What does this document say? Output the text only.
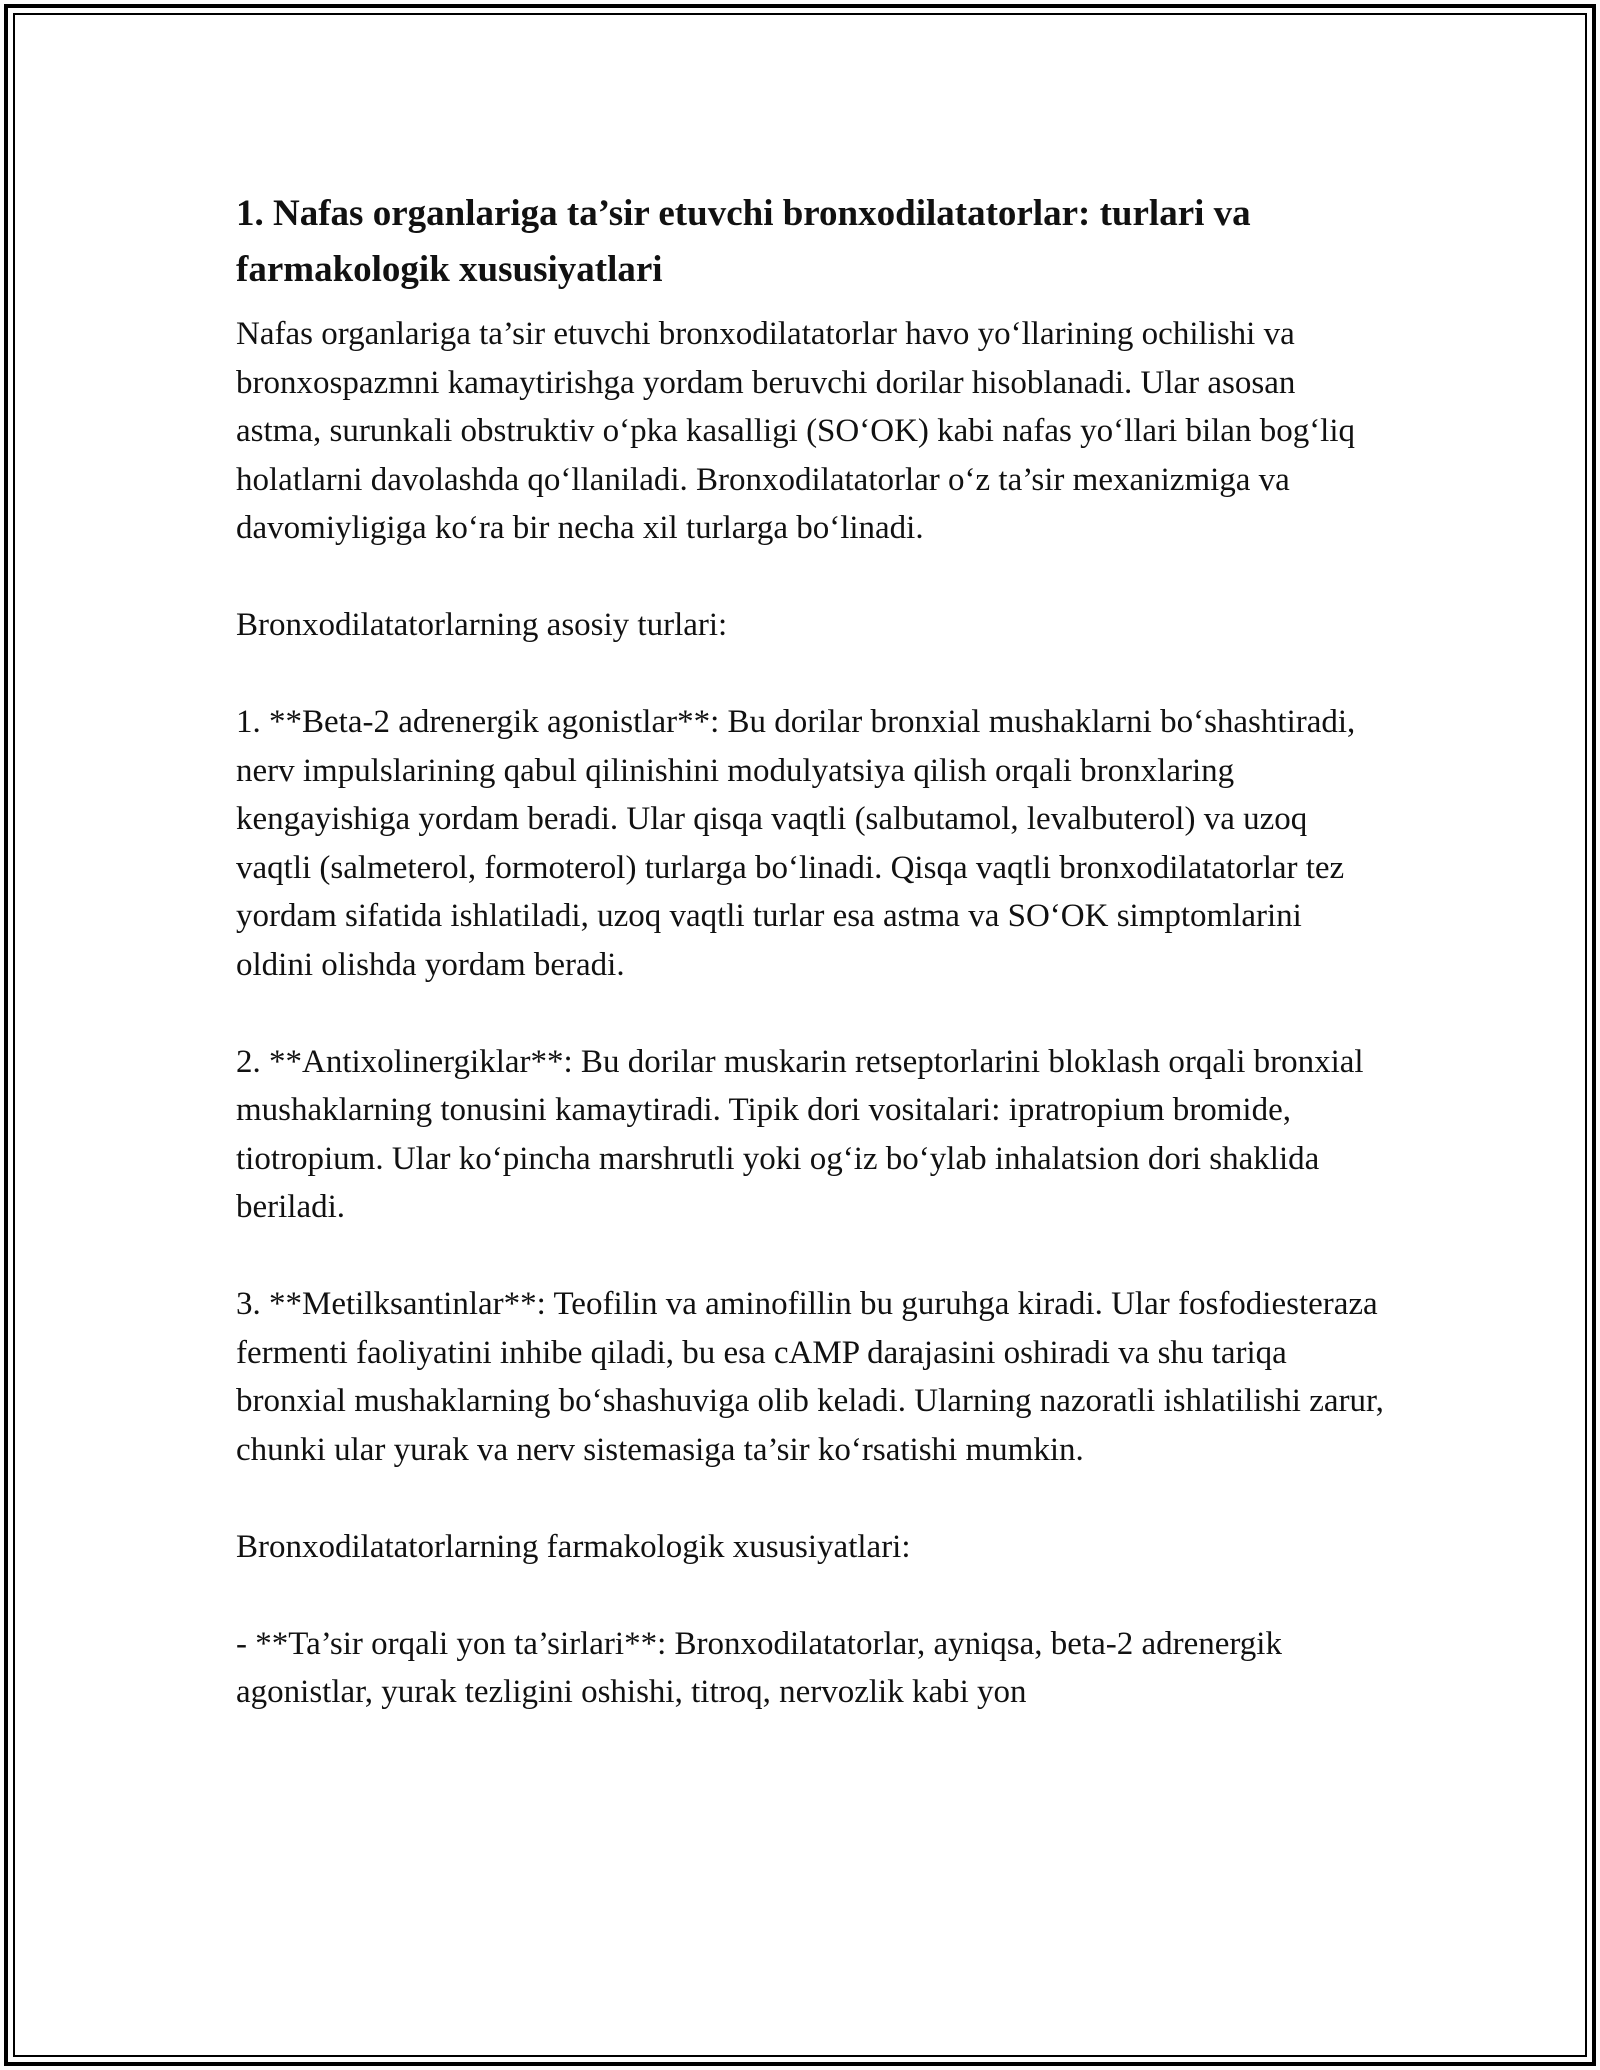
1. Nafas organlariga ta’sir etuvchi bronxodilatatorlar: turlari va farmakologik xususiyatlari

Nafas organlariga ta’sir etuvchi bronxodilatatorlar havo yo‘llarining ochilishi va bronxospazmni kamaytirishga yordam beruvchi dorilar hisoblanadi. Ular asosan astma, surunkali obstruktiv o‘pka kasalligi (SO‘OK) kabi nafas yo‘llari bilan bog‘liq holatlarni davolashda qo‘llaniladi. Bronxodilatatorlar o‘z ta’sir mexanizmiga va davomiyligiga ko‘ra bir necha xil turlarga bo‘linadi.

Bronxodilatatorlarning asosiy turlari:

1. **Beta-2 adrenergik agonistlar**: Bu dorilar bronxial mushaklarni bo‘shashtiradi, nerv impulslarining qabul qilinishini modulyatsiya qilish orqali bronxlaring kengayishiga yordam beradi. Ular qisqa vaqtli (salbutamol, levalbuterol) va uzoq vaqtli (salmeterol, formoterol) turlarga bo‘linadi. Qisqa vaqtli bronxodilatatorlar tez yordam sifatida ishlatiladi, uzoq vaqtli turlar esa astma va SO‘OK simptomlarini oldini olishda yordam beradi.

2. **Antixolinergiklar**: Bu dorilar muskarin retseptorlarini bloklash orqali bronxial mushaklarning tonusini kamaytiradi. Tipik dori vositalari: ipratropium bromide, tiotropium. Ular ko‘pincha marshrutli yoki og‘iz bo‘ylab inhalatsion dori shaklida beriladi.

3. **Metilksantinlar**: Teofilin va aminofillin bu guruhga kiradi. Ular fosfodiesteraza fermenti faoliyatini inhibe qiladi, bu esa cAMP darajasini oshiradi va shu tariqa bronxial mushaklarning bo‘shashuviga olib keladi. Ularning nazoratli ishlatilishi zarur, chunki ular yurak va nerv sistemasiga ta’sir ko‘rsatishi mumkin.

Bronxodilatatorlarning farmakologik xususiyatlari:

- **Ta’sir orqali yon ta’sirlari**: Bronxodilatatorlar, ayniqsa, beta-2 adrenergik agonistlar, yurak tezligini oshishi, titroq, nervozlik kabi yon
